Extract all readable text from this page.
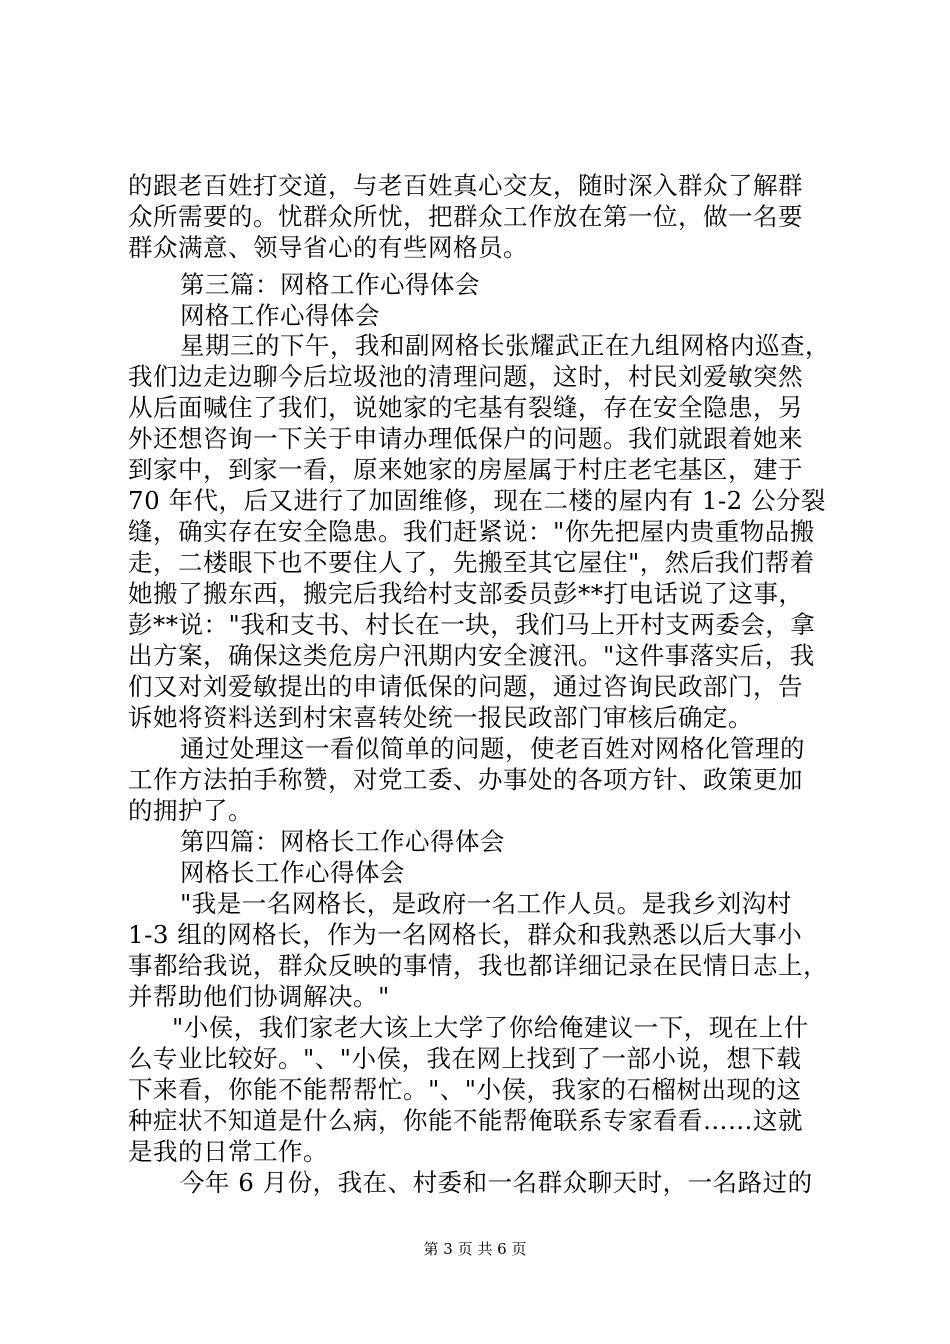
的跟老百姓打交道，与老百姓真心交友，随时深入群众了解群
众所需要的。忧群众所忧，把群众工作放在第一位，做一名要
群众满意、领导省心的有些网格员。
第三篇：网格工作心得体会
网格工作心得体会
星期三的下午，我和副网格长张耀武正在九组网格内巡查，
我们边走边聊今后垃圾池的清理问题，这时，村民刘爱敏突然
从后面喊住了我们，说她家的宅基有裂缝，存在安全隐患，另
外还想咨询一下关于申请办理低保户的问题。我们就跟着她来
到家中，到家一看，原来她家的房屋属于村庄老宅基区，建于
70 年代，后又进行了加固维修，现在二楼的屋内有 1-2 公分裂
缝，确实存在安全隐患。我们赶紧说："你先把屋内贵重物品搬
走，二楼眼下也不要住人了，先搬至其它屋住"，然后我们帮着
她搬了搬东西，搬完后我给村支部委员彭**打电话说了这事，
彭**说："我和支书、村长在一块，我们马上开村支两委会，拿
出方案，确保这类危房户汛期内安全渡汛。"这件事落实后，我
们又对刘爱敏提出的申请低保的问题，通过咨询民政部门，告
诉她将资料送到村宋喜转处统一报民政部门审核后确定。
通过处理这一看似简单的问题，使老百姓对网格化管理的
工作方法拍手称赞，对党工委、办事处的各项方针、政策更加
的拥护了。
第四篇：网格长工作心得体会
网格长工作心得体会
"我是一名网格长，是政府一名工作人员。是我乡刘沟村
1-3 组的网格长，作为一名网格长，群众和我熟悉以后大事小
事都给我说，群众反映的事情，我也都详细记录在民情日志上，
并帮助他们协调解决。"
"小侯，我们家老大该上大学了你给俺建议一下，现在上什
么专业比较好。"、"小侯，我在网上找到了一部小说，想下载
下来看，你能不能帮帮忙。"、"小侯，我家的石榴树出现的这
种症状不知道是什么病，你能不能帮俺联系专家看看……这就
是我的日常工作。
今年 6 月份，我在、村委和一名群众聊天时，一名路过的
第 3 页 共 6 页
